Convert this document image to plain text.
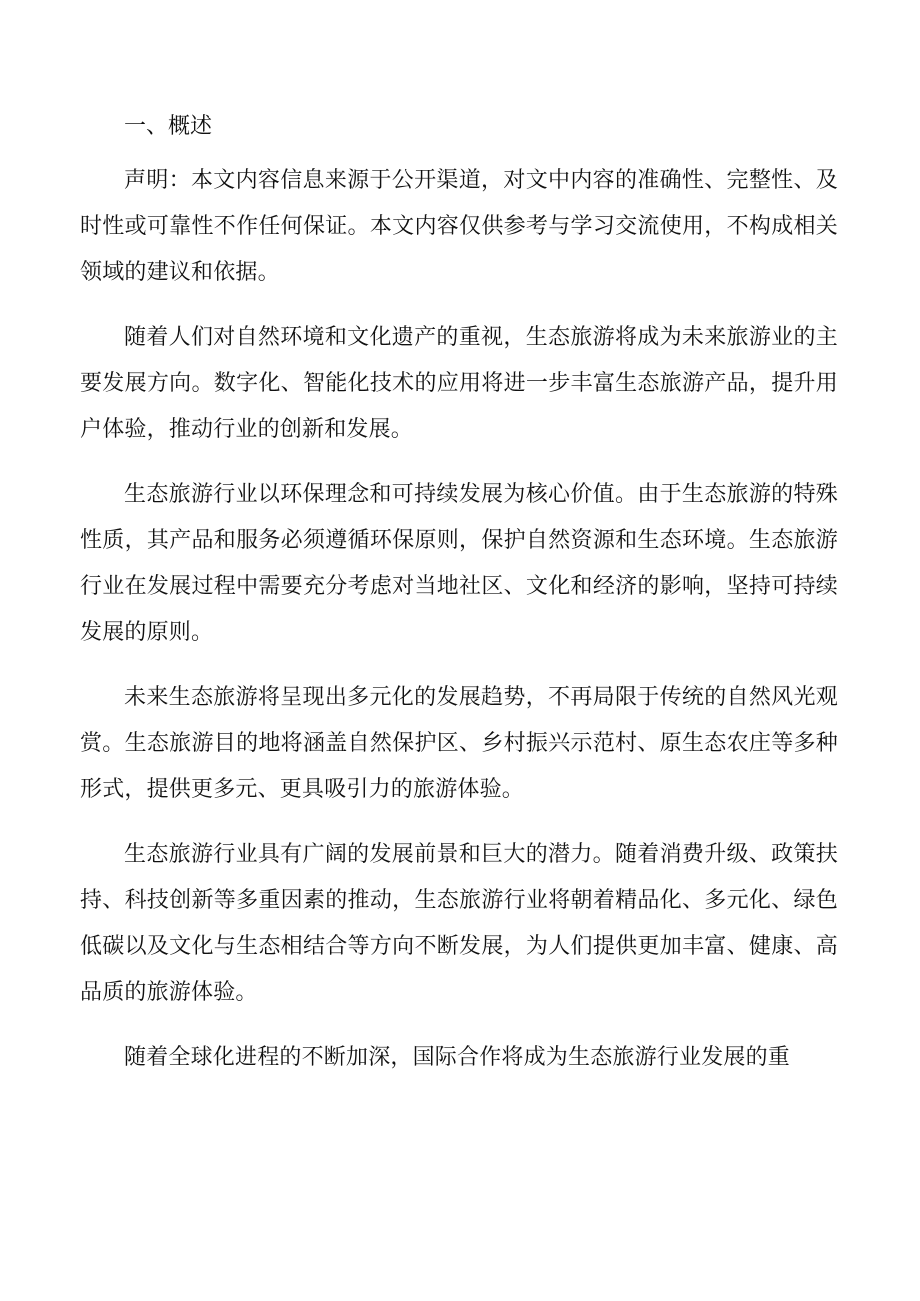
一、概述

声明：本文内容信息来源于公开渠道，对文中内容的准确性、完整性、及时性或可靠性不作任何保证。本文内容仅供参考与学习交流使用，不构成相关领域的建议和依据。

随着人们对自然环境和文化遗产的重视，生态旅游将成为未来旅游业的主要发展方向。数字化、智能化技术的应用将进一步丰富生态旅游产品，提升用户体验，推动行业的创新和发展。

生态旅游行业以环保理念和可持续发展为核心价值。由于生态旅游的特殊性质，其产品和服务必须遵循环保原则，保护自然资源和生态环境。生态旅游行业在发展过程中需要充分考虑对当地社区、文化和经济的影响，坚持可持续发展的原则。

未来生态旅游将呈现出多元化的发展趋势，不再局限于传统的自然风光观赏。生态旅游目的地将涵盖自然保护区、乡村振兴示范村、原生态农庄等多种形式，提供更多元、更具吸引力的旅游体验。

生态旅游行业具有广阔的发展前景和巨大的潜力。随着消费升级、政策扶持、科技创新等多重因素的推动，生态旅游行业将朝着精品化、多元化、绿色低碳以及文化与生态相结合等方向不断发展，为人们提供更加丰富、健康、高品质的旅游体验。

随着全球化进程的不断加深，国际合作将成为生态旅游行业发展的重
